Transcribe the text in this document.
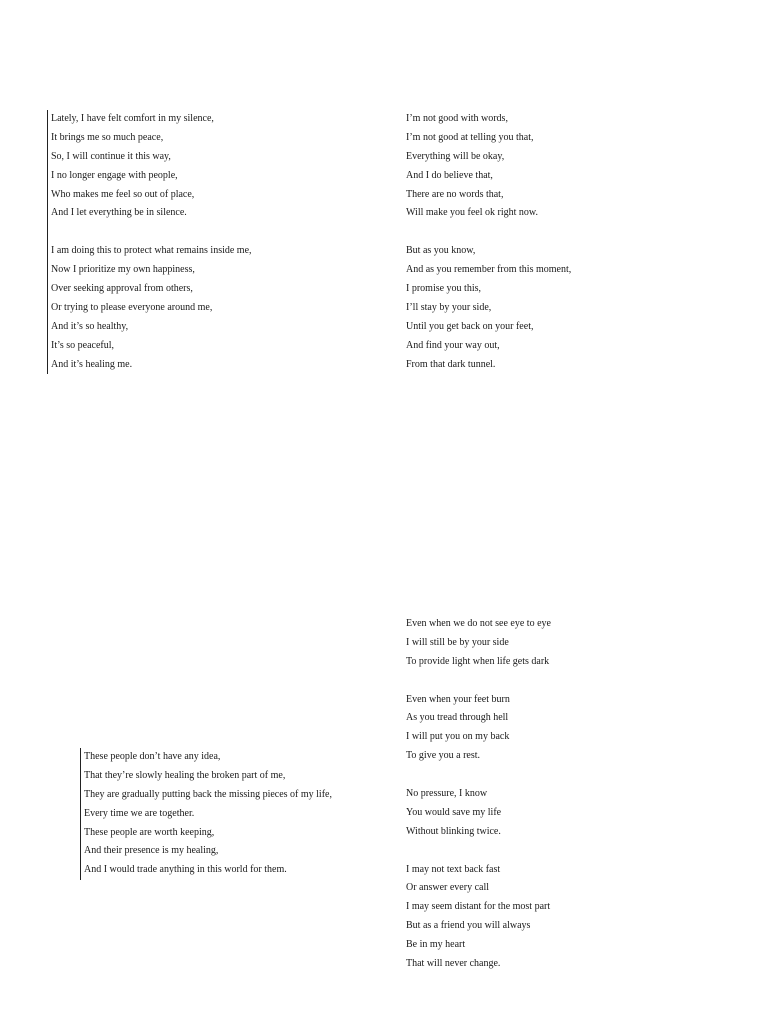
Lately, I have felt comfort in my silence,
It brings me so much peace,
So, I will continue it this way,
I no longer engage with people,
Who makes me feel so out of place,
And I let everything be in silence.
I am doing this to protect what remains inside me,
Now I prioritize my own happiness,
Over seeking approval from others,
Or trying to please everyone around me,
And it’s so healthy,
It’s so peaceful,
And it’s healing me.
I’m not good with words,
I’m not good at telling you that,
Everything will be okay,
And I do believe that,
There are no words that,
Will make you feel ok right now.
But as you know,
And as you remember from this moment,
I promise you this,
I’ll stay by your side,
Until you get back on your feet,
And find your way out,
From that dark tunnel.
Even when we do not see eye to eye
I will still be by your side
To provide light when life gets dark
Even when your feet burn
As you tread through hell
I will put you on my back
To give you a rest.
No pressure, I know
You would save my life
Without blinking twice.
I may not text back fast
Or answer every call
I may seem distant for the most part
But as a friend you will always
Be in my heart
That will never change.
These people don’t have any idea,
That they’re slowly healing the broken part of me,
They are gradually putting back the missing pieces of my life,
Every time we are together.
These people are worth keeping,
And their presence is my healing,
And I would trade anything in this world for them.
